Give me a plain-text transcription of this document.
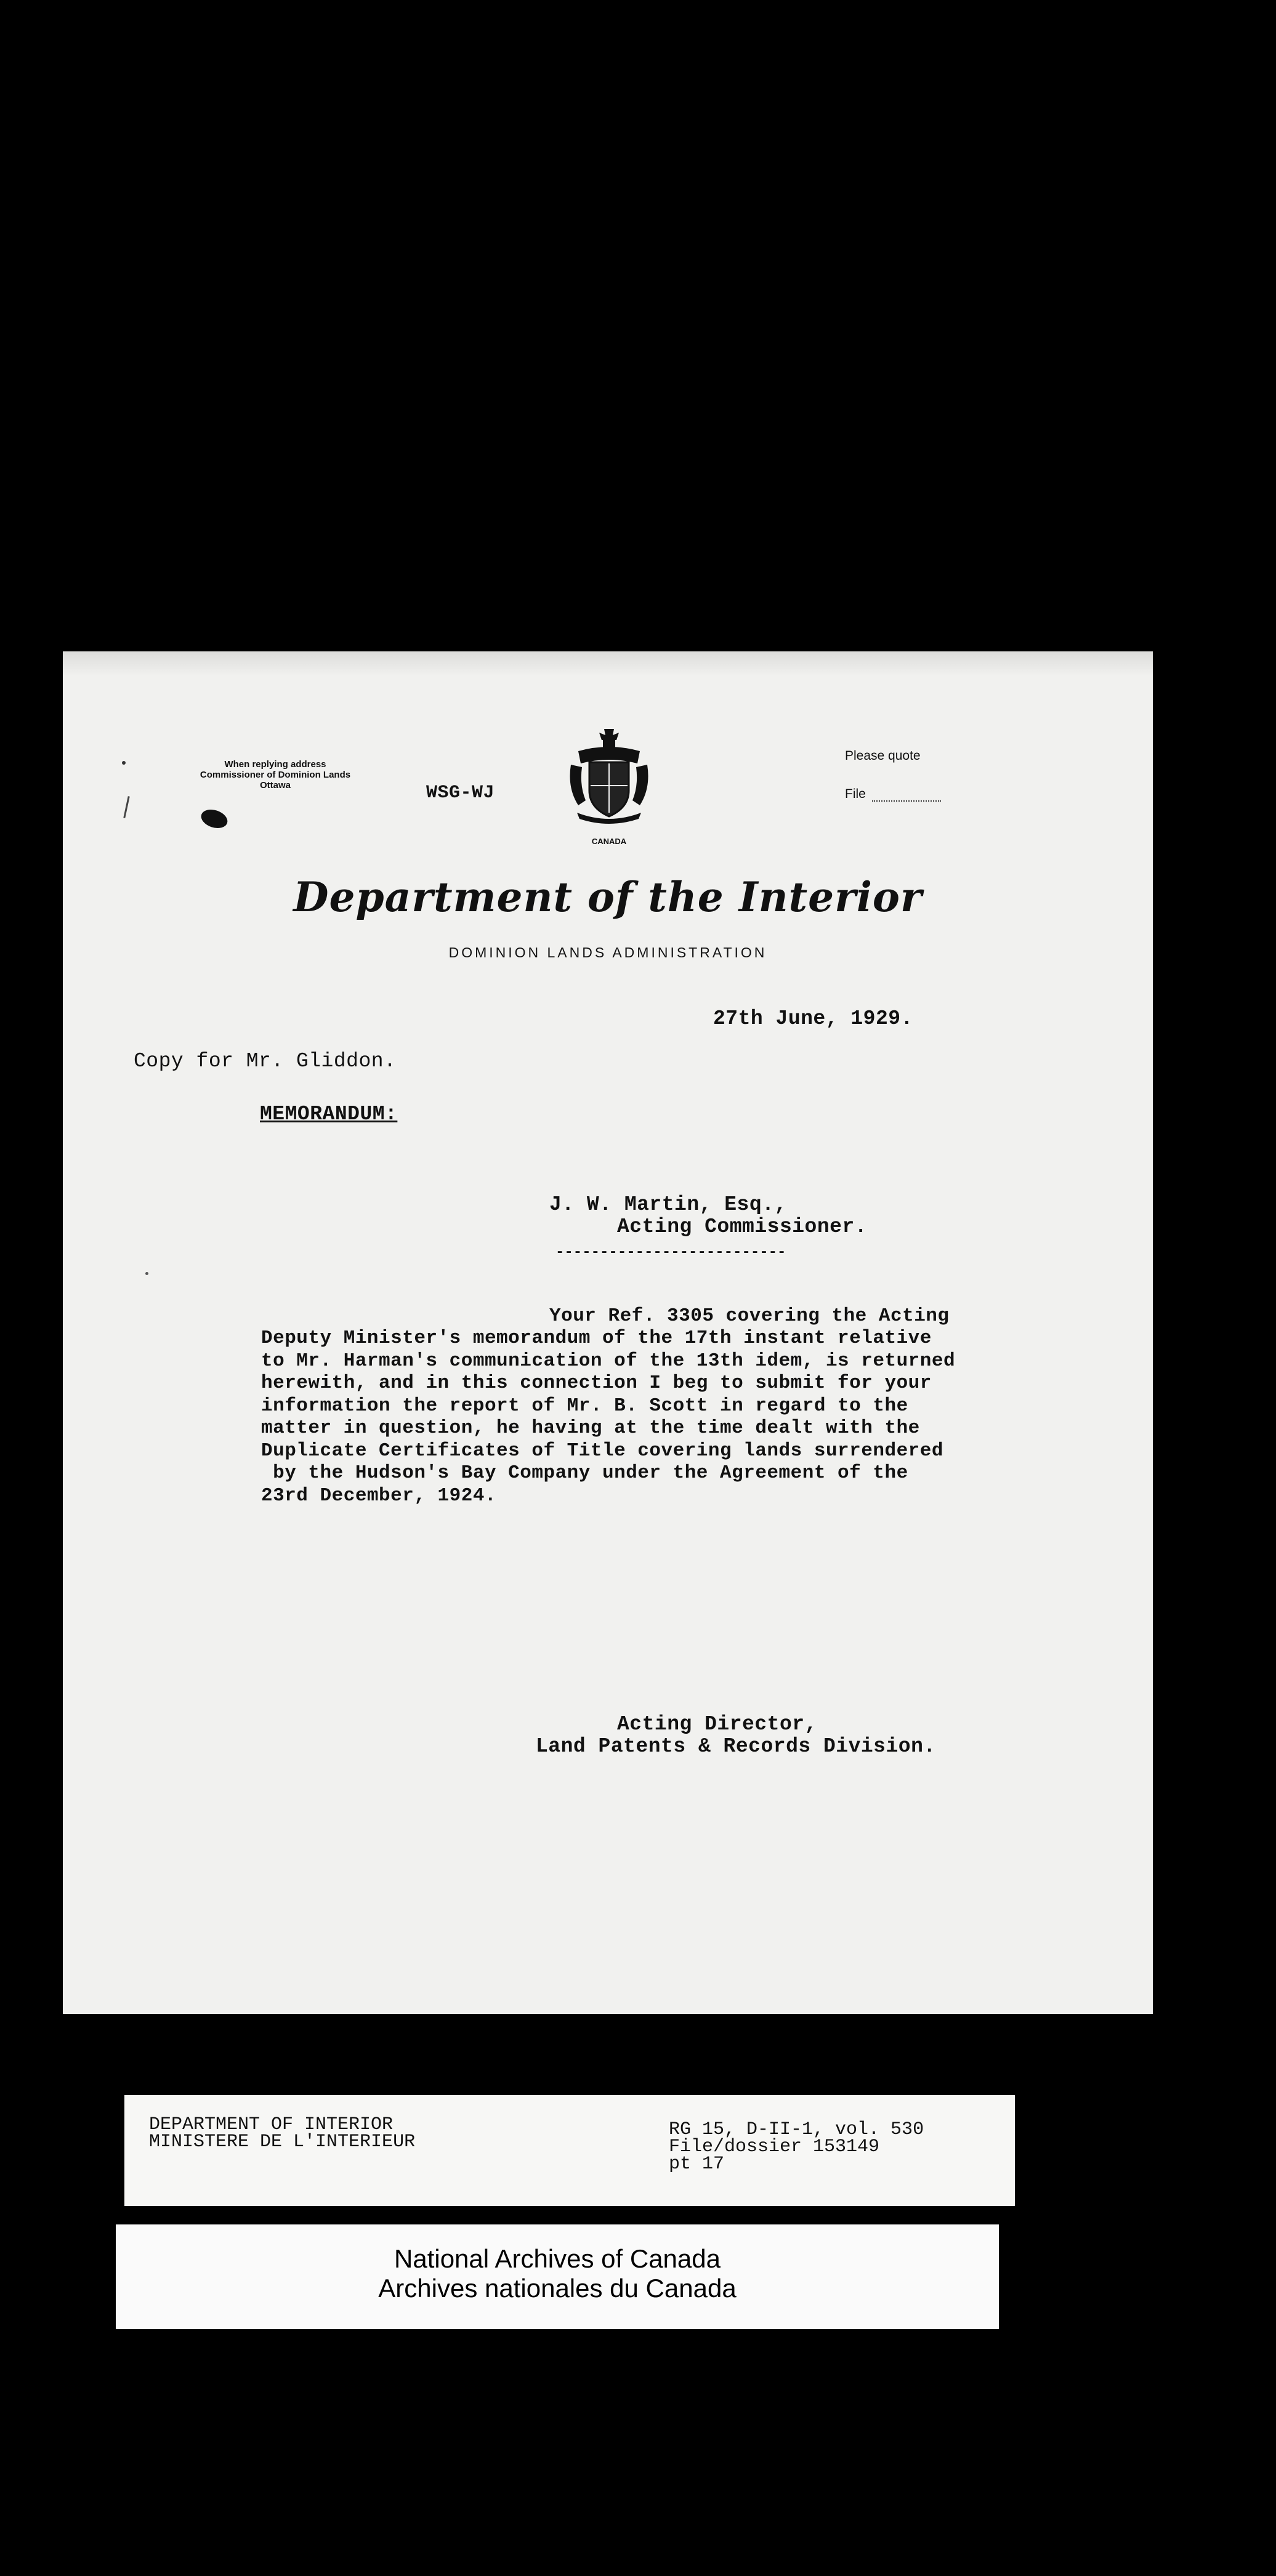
When replying address
Commissioner of Dominion Lands
Ottawa	WSG-WJ
CANADA
Please quote
File
Department of the Interior
DOMINION LANDS ADMINISTRATION
27th June, 1929.
Copy for Mr. Gliddon.
MEMORANDUM:
J. W. Martin, Esq.,
Acting Commissioner.
--------------------------
Your Ref. 3305 covering the Acting
Deputy Minister's memorandum of the 17th instant relative
to Mr. Harman's communication of the 13th idem, is returned
herewith, and in this connection I beg to submit for your
information the report of Mr. B. Scott in regard to the
matter in question, he having at the time dealt with the
Duplicate Certificates of Title covering lands surrendered
by the Hudson's Bay Company under the Agreement of the
23rd December, 1924.
Acting Director,
Land Patents & Records Division.
DEPARTMENT OF INTERIOR
MINISTERE DE L'INTERIEUR
RG 15, D-II-1, vol. 530
File/dossier 153149
pt 17
National Archives of Canada
Archives nationales du Canada
